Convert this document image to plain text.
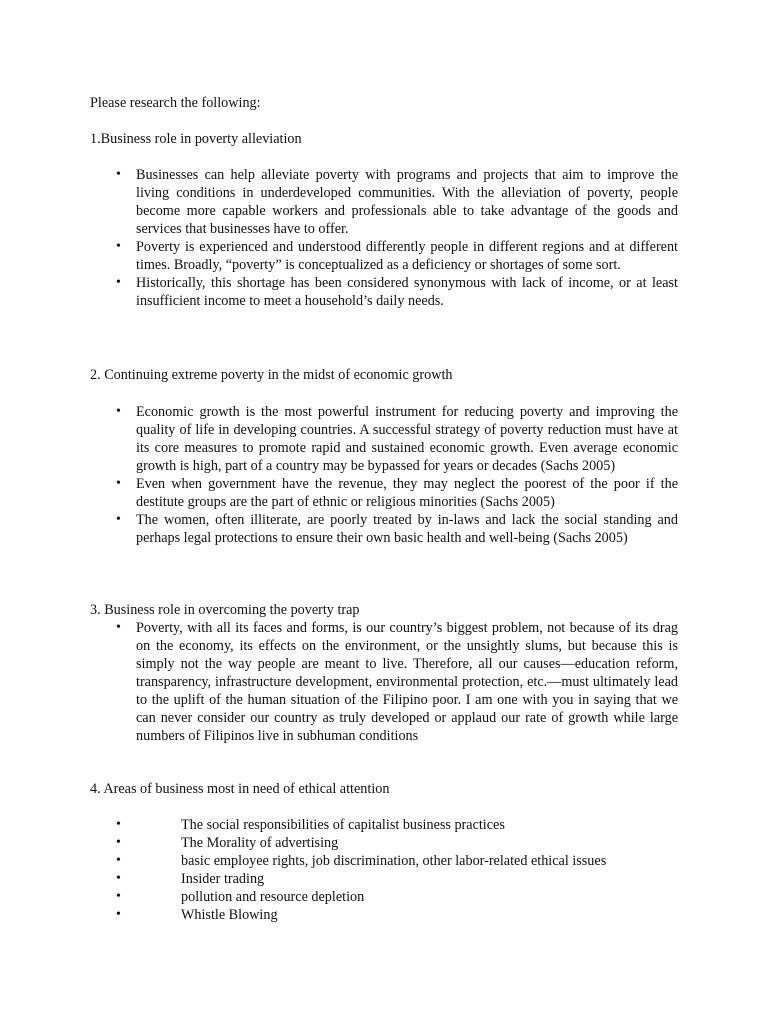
Please research the following:
1.Business role in poverty alleviation
• Businesses can help alleviate poverty with programs and projects that aim to improve the living conditions in underdeveloped communities. With the alleviation of poverty, people become more capable workers and professionals able to take advantage of the goods and services that businesses have to offer.
• Poverty is experienced and understood differently people in different regions and at different times. Broadly, “poverty” is conceptualized as a deficiency or shortages of some sort.
• Historically, this shortage has been considered synonymous with lack of income, or at least insufficient income to meet a household’s daily needs.
2. Continuing extreme poverty in the midst of economic growth
• Economic growth is the most powerful instrument for reducing poverty and improving the quality of life in developing countries. A successful strategy of poverty reduction must have at its core measures to promote rapid and sustained economic growth. Even average economic growth is high, part of a country may be bypassed for years or decades (Sachs 2005)
• Even when government have the revenue, they may neglect the poorest of the poor if the destitute groups are the part of ethnic or religious minorities (Sachs 2005)
• The women, often illiterate, are poorly treated by in-laws and lack the social standing and perhaps legal protections to ensure their own basic health and well-being (Sachs 2005)
3. Business role in overcoming the poverty trap
• Poverty, with all its faces and forms, is our country’s biggest problem, not because of its drag on the economy, its effects on the environment, or the unsightly slums, but because this is simply not the way people are meant to live. Therefore, all our causes—education reform, transparency, infrastructure development, environmental protection, etc.—must ultimately lead to the uplift of the human situation of the Filipino poor. I am one with you in saying that we can never consider our country as truly developed or applaud our rate of growth while large numbers of Filipinos live in subhuman conditions
4. Areas of business most in need of ethical attention
• The social responsibilities of capitalist business practices
• The Morality of advertising
• basic employee rights, job discrimination, other labor-related ethical issues
• Insider trading
• pollution and resource depletion
• Whistle Blowing
